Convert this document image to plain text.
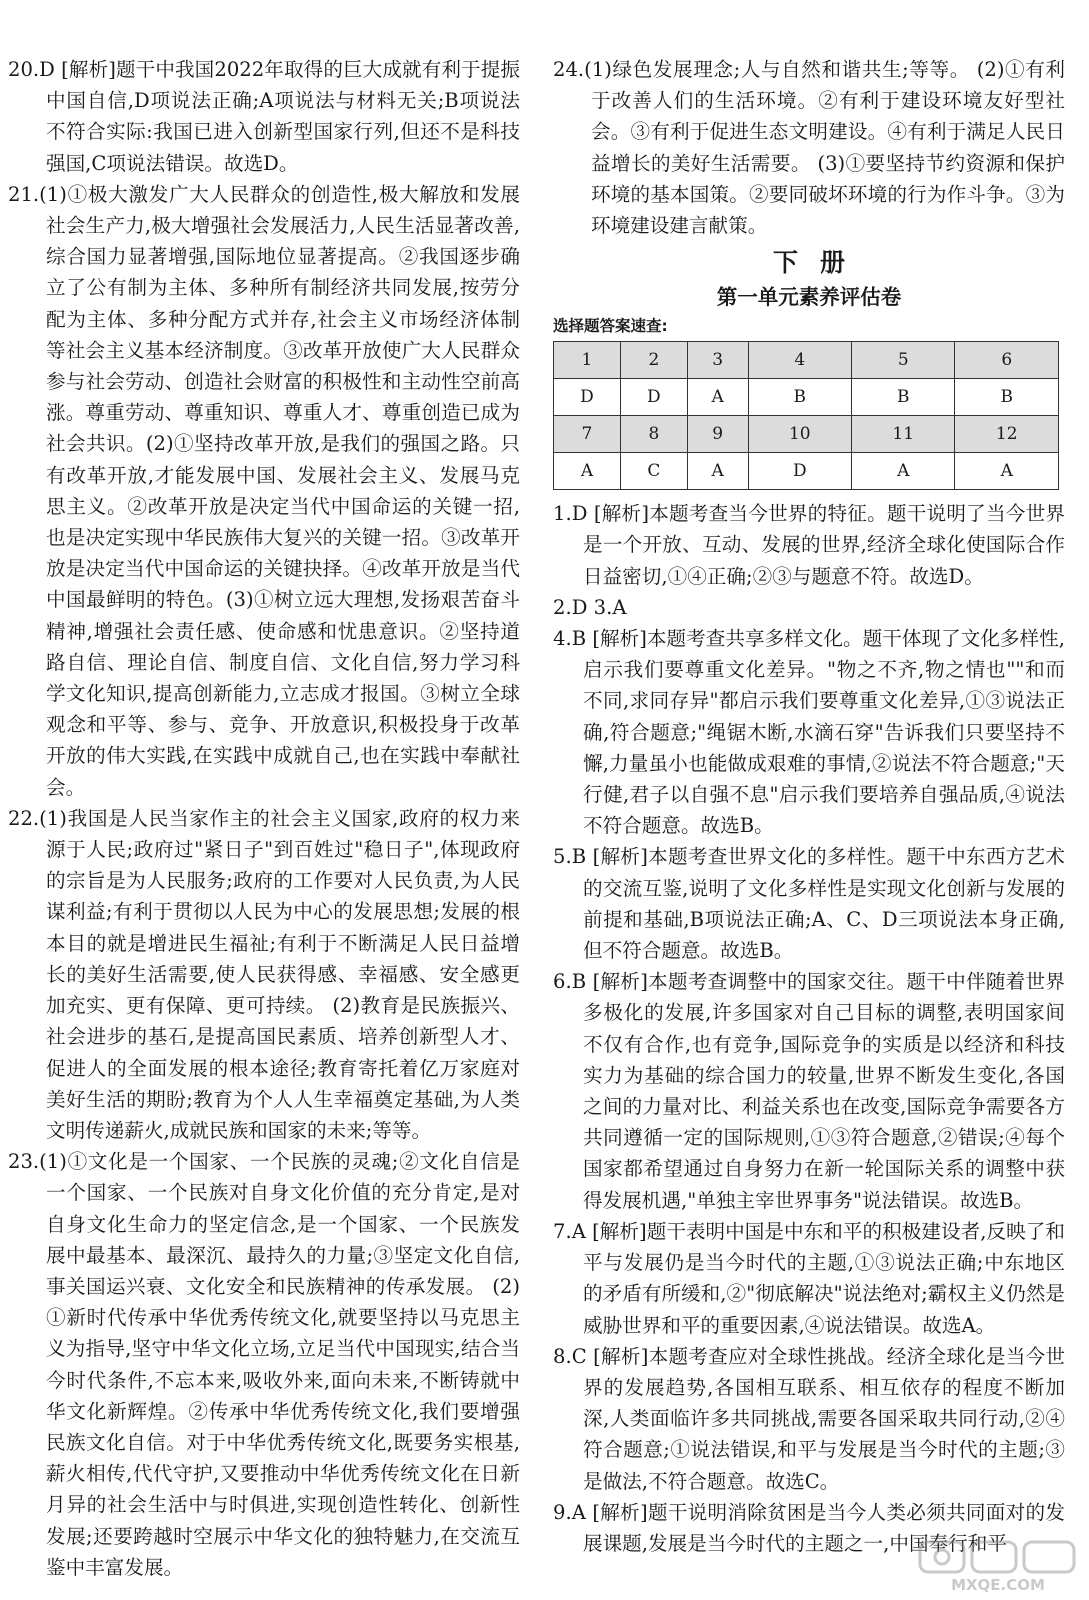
20.D [解析]题干中我国2022年取得的巨大成就有利于提振中国自信,D项说法正确;A项说法与材料无关;B项说法不符合实际:我国已进入创新型国家行列,但还不是科技强国,C项说法错误。故选D。

21.(1)①极大激发广大人民群众的创造性,极大解放和发展社会生产力,极大增强社会发展活力,人民生活显著改善,综合国力显著增强,国际地位显著提高。②我国逐步确立了公有制为主体、多种所有制经济共同发展,按劳分配为主体、多种分配方式并存,社会主义市场经济体制等社会主义基本经济制度。③改革开放使广大人民群众参与社会劳动、创造社会财富的积极性和主动性空前高涨。尊重劳动、尊重知识、尊重人才、尊重创造已成为社会共识。(2)①坚持改革开放,是我们的强国之路。只有改革开放,才能发展中国、发展社会主义、发展马克思主义。②改革开放是决定当代中国命运的关键一招,也是决定实现中华民族伟大复兴的关键一招。③改革开放是决定当代中国命运的关键抉择。④改革开放是当代中国最鲜明的特色。(3)①树立远大理想,发扬艰苦奋斗精神,增强社会责任感、使命感和忧患意识。②坚持道路自信、理论自信、制度自信、文化自信,努力学习科学文化知识,提高创新能力,立志成才报国。③树立全球观念和平等、参与、竞争、开放意识,积极投身于改革开放的伟大实践,在实践中成就自己,也在实践中奉献社会。

22.(1)我国是人民当家作主的社会主义国家,政府的权力来源于人民;政府过"紧日子"到百姓过"稳日子",体现政府的宗旨是为人民服务;政府的工作要对人民负责,为人民谋利益;有利于贯彻以人民为中心的发展思想;发展的根本目的就是增进民生福祉;有利于不断满足人民日益增长的美好生活需要,使人民获得感、幸福感、安全感更加充实、更有保障、更可持续。 (2)教育是民族振兴、社会进步的基石,是提高国民素质、培养创新型人才、促进人的全面发展的根本途径;教育寄托着亿万家庭对美好生活的期盼;教育为个人人生幸福奠定基础,为人类文明传递薪火,成就民族和国家的未来;等等。

23.(1)①文化是一个国家、一个民族的灵魂;②文化自信是一个国家、一个民族对自身文化价值的充分肯定,是对自身文化生命力的坚定信念,是一个国家、一个民族发展中最基本、最深沉、最持久的力量;③坚定文化自信,事关国运兴衰、文化安全和民族精神的传承发展。 (2)①新时代传承中华优秀传统文化,就要坚持以马克思主义为指导,坚守中华文化立场,立足当代中国现实,结合当今时代条件,不忘本来,吸收外来,面向未来,不断铸就中华文化新辉煌。②传承中华优秀传统文化,我们要增强民族文化自信。对于中华优秀传统文化,既要务实根基,薪火相传,代代守护,又要推动中华优秀传统文化在日新月异的社会生活中与时俱进,实现创造性转化、创新性发展;还要跨越时空展示中华文化的独特魅力,在交流互鉴中丰富发展。

24.(1)绿色发展理念;人与自然和谐共生;等等。 (2)①有利于改善人们的生活环境。②有利于建设环境友好型社会。③有利于促进生态文明建设。④有利于满足人民日益增长的美好生活需要。 (3)①要坚持节约资源和保护环境的基本国策。②要同破坏环境的行为作斗争。③为环境建设建言献策。

下册
第一单元素养评估卷
选择题答案速查:
1	2	3	4	5	6
D	D	A	B	B	B
7	8	9	10	11	12
A	C	A	D	A	A

1.D [解析]本题考查当今世界的特征。题干说明了当今世界是一个开放、互动、发展的世界,经济全球化使国际合作日益密切,①④正确;②③与题意不符。故选D。

2.D 3.A

4.B [解析]本题考查共享多样文化。题干体现了文化多样性,启示我们要尊重文化差异。"物之不齐,物之情也""和而不同,求同存异"都启示我们要尊重文化差异,①③说法正确,符合题意;"绳锯木断,水滴石穿"告诉我们只要坚持不懈,力量虽小也能做成艰难的事情,②说法不符合题意;"天行健,君子以自强不息"启示我们要培养自强品质,④说法不符合题意。故选B。

5.B [解析]本题考查世界文化的多样性。题干中东西方艺术的交流互鉴,说明了文化多样性是实现文化创新与发展的前提和基础,B项说法正确;A、C、D三项说法本身正确,但不符合题意。故选B。

6.B [解析]本题考查调整中的国家交往。题干中伴随着世界多极化的发展,许多国家对自己目标的调整,表明国家间不仅有合作,也有竞争,国际竞争的实质是以经济和科技实力为基础的综合国力的较量,世界不断发生变化,各国之间的力量对比、利益关系也在改变,国际竞争需要各方共同遵循一定的国际规则,①③符合题意,②错误;④每个国家都希望通过自身努力在新一轮国际关系的调整中获得发展机遇,"单独主宰世界事务"说法错误。故选B。

7.A [解析]题干表明中国是中东和平的积极建设者,反映了和平与发展仍是当今时代的主题,①③说法正确;中东地区的矛盾有所缓和,②"彻底解决"说法绝对;霸权主义仍然是威胁世界和平的重要因素,④说法错误。故选A。

8.C [解析]本题考查应对全球性挑战。经济全球化是当今世界的发展趋势,各国相互联系、相互依存的程度不断加深,人类面临许多共同挑战,需要各国采取共同行动,②④符合题意;①说法错误,和平与发展是当今时代的主题;③是做法,不符合题意。故选C。

9.A [解析]题干说明消除贫困是当今人类必须共同面对的发展课题,发展是当今时代的主题之一,中国奉行和平

MXQE.COM
